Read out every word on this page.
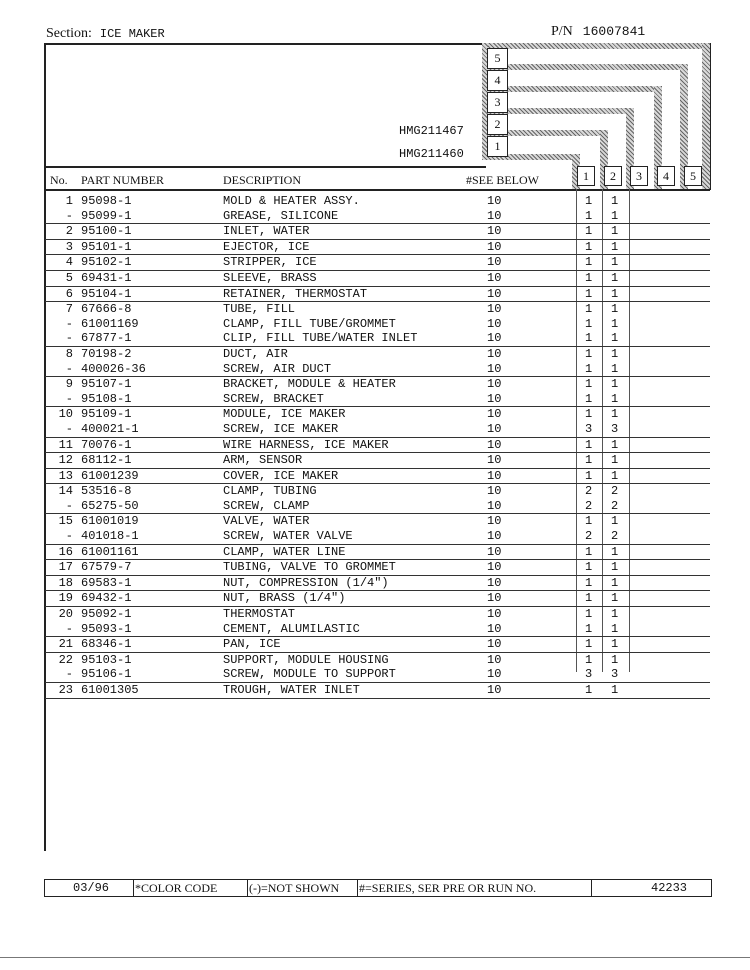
Section: ICE MAKER	P/N 16007841
5
4
3
2
1
HMG211467
HMG211460
No. PART NUMBER	DESCRIPTION	#SEE BELOW	1	2	3	4	5
1 95098-1	MOLD & HEATER ASSY.	10	1 1
- 95099-1	GREASE, SILICONE	10	1 1
2 95100-1	INLET, WATER	10	1 1
3 95101-1	EJECTOR, ICE	10	1 1
4 95102-1	STRIPPER, ICE	10	1 1
5 69431-1	SLEEVE, BRASS	10	1 1
6 95104-1	RETAINER, THERMOSTAT	10	1 1
7 67666-8	TUBE, FILL	10	1 1
- 61001169	CLAMP, FILL TUBE/GROMMET	10	1 1
- 67877-1	CLIP, FILL TUBE/WATER INLET	10	1 1
8 70198-2	DUCT, AIR	10	1 1
- 400026-36	SCREW, AIR DUCT	10	1 1
9 95107-1	BRACKET, MODULE & HEATER	10	1 1
- 95108-1	SCREW, BRACKET	10	1 1
10 95109-1	MODULE, ICE MAKER	10	1 1
- 400021-1	SCREW, ICE MAKER	10	3 3
11 70076-1	WIRE HARNESS, ICE MAKER	10	1 1
12 68112-1	ARM, SENSOR	10	1 1
13 61001239	COVER, ICE MAKER	10	1 1
14 53516-8	CLAMP, TUBING	10	2 2
- 65275-50	SCREW, CLAMP	10	2 2
15 61001019	VALVE, WATER	10	1 1
- 401018-1	SCREW, WATER VALVE	10	2 2
16 61001161	CLAMP, WATER LINE	10	1 1
17 67579-7	TUBING, VALVE TO GROMMET	10	1 1
18 69583-1	NUT, COMPRESSION (1/4")	10	1 1
19 69432-1	NUT, BRASS (1/4")	10	1 1
20 95092-1	THERMOSTAT	10	1 1
- 95093-1	CEMENT, ALUMILASTIC	10	1 1
21 68346-1	PAN, ICE	10	1 1
22 95103-1	SUPPORT, MODULE HOUSING	10	1 1
- 95106-1	SCREW, MODULE TO SUPPORT	10	3 3
23 61001305	TROUGH, WATER INLET	10	1 1
03/96 *COLOR CODE	(-)=NOT SHOWN #=SERIES, SER PRE OR RUN NO.	42233
